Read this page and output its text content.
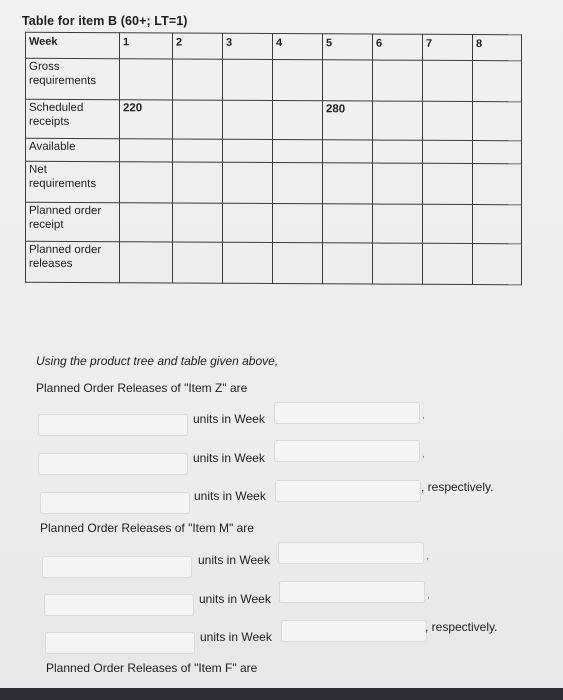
Table for item B (60+; LT=1)
Week	1	2	3	4	5	6	7	8
Gross requirements								
Scheduled receipts	220				280			
Available								
Net requirements								
Planned order receipt								
Planned order releases								
Using the product tree and table given above,
Planned Order Releases of "Item Z" are
units in Week	,
units in Week	,
units in Week
, respectively.
Planned Order Releases of "Item M" are
units in Week	,
units in Week	,
units in Week
, respectively.
Planned Order Releases of "Item F" are
